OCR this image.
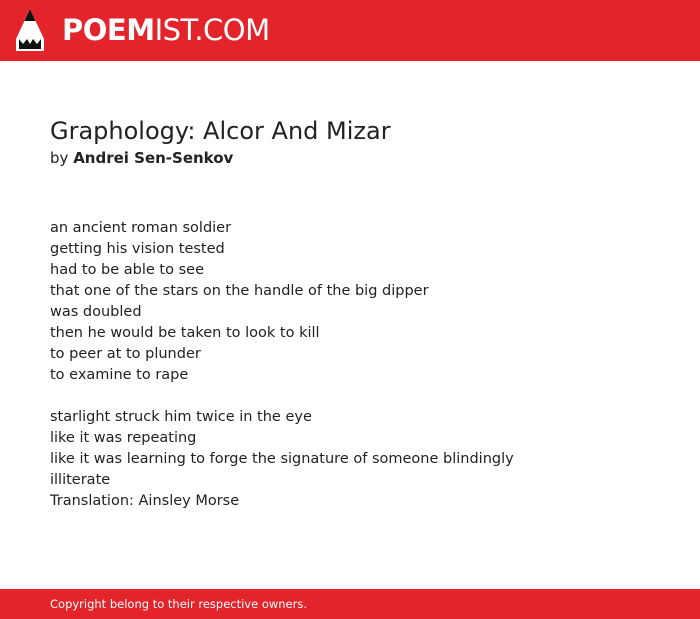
POEMIST.COM
Graphology: Alcor And Mizar

by Andrei Sen-Senkov

an ancient roman soldier
getting his vision tested
had to be able to see
that one of the stars on the handle of the big dipper
was doubled
then he would be taken to look to kill
to peer at to plunder
to examine to rape
starlight struck him twice in the eye
like it was repeating
like it was learning to forge the signature of someone blindingly
illiterate
Translation: Ainsley Morse
Copyright belong to their respective owners.
